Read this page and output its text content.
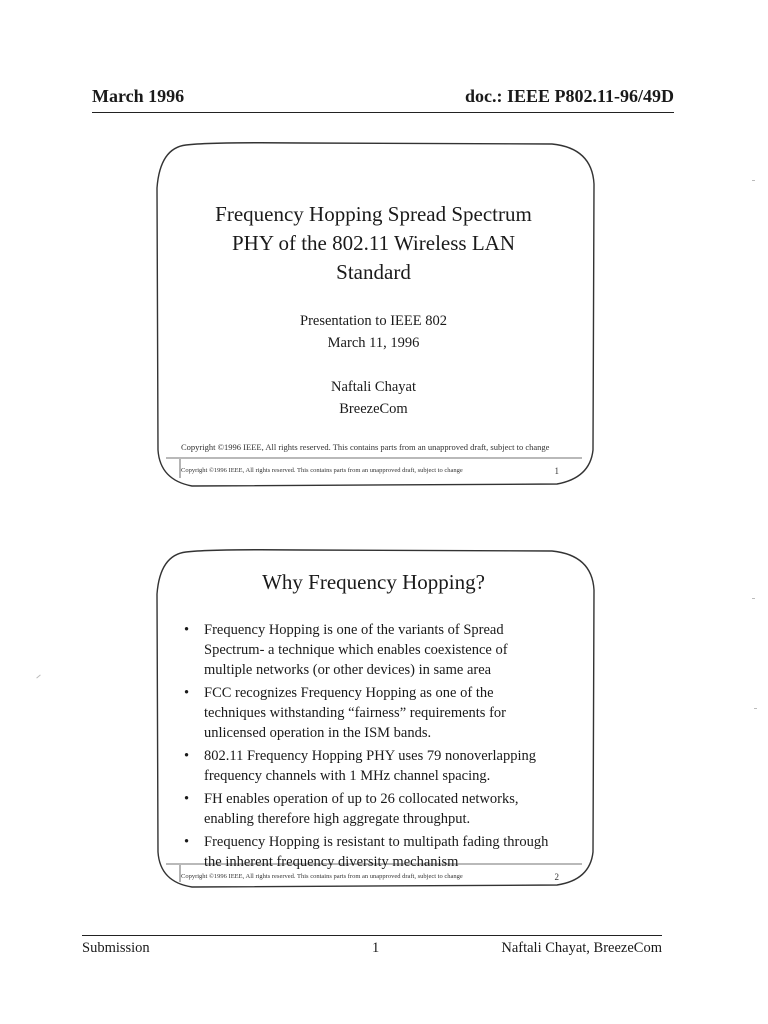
March 1996	doc.: IEEE P802.11-96/49D
Frequency Hopping Spread Spectrum
PHY of the 802.11 Wireless LAN
Standard
Presentation to IEEE 802
March 11, 1996
Naftali Chayat
BreezeCom
Copyright ©1996 IEEE, All rights reserved. This contains parts from an unapproved draft, subject to change
Copyright ©1996 IEEE, All rights reserved. This contains parts from an unapproved draft, subject to change	1
Why Frequency Hopping?
• Frequency Hopping is one of the variants of Spread
Spectrum- a technique which enables coexistence of
multiple networks (or other devices) in same area
• FCC recognizes Frequency Hopping as one of the
techniques withstanding “fairness” requirements for
unlicensed operation in the ISM bands.
• 802.11 Frequency Hopping PHY uses 79 nonoverlapping
frequency channels with 1 MHz channel spacing.
• FH enables operation of up to 26 collocated networks,
enabling therefore high aggregate throughput.
• Frequency Hopping is resistant to multipath fading through
the inherent frequency diversity mechanism
Copyright ©1996 IEEE, All rights reserved. This contains parts from an unapproved draft, subject to change	2
Submission	1	Naftali Chayat, BreezeCom
